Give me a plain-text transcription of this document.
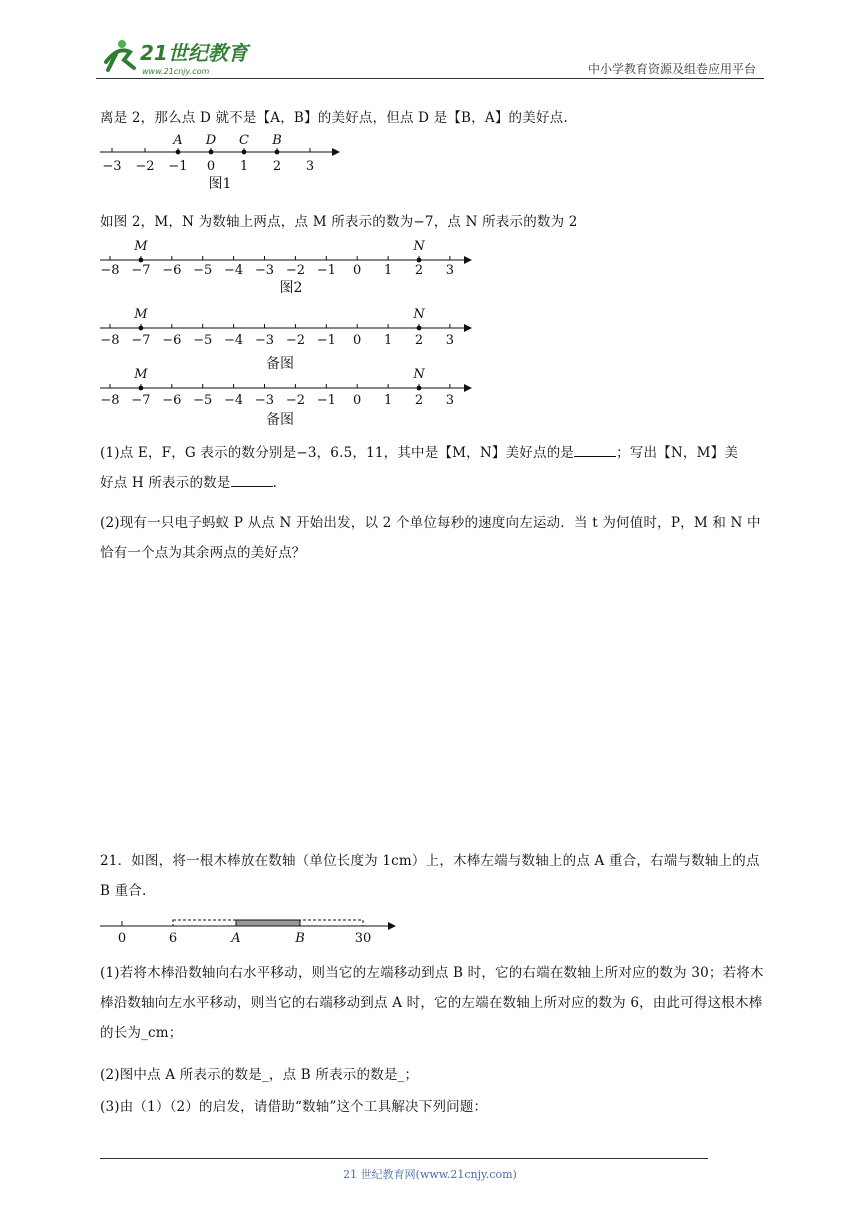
21世纪教育
www.21cnjy.com	中小学教育资源及组卷应用平台
离是 2，那么点 D 就不是【A，B】的美好点，但点 D 是【B，A】的美好点.
−3 −2 −1 0 1 2 3
A D C B
图1
如图 2，M，N 为数轴上两点，点 M 所表示的数为−7，点 N 所表示的数为 2
−8 −7 −6 −5 −4 −3 −2 −1 0 1 2 3
M	N
图2
−8 −7 −6 −5 −4 −3 −2 −1 0 1 2 3
M	N
备图
−8 −7 −6 −5 −4 −3 −2 −1 0 1 2 3
M	N
备图
(1)点 E，F，G 表示的数分别是−3，6.5，11，其中是【M，N】美好点的是	；写出【N，M】美
好点 H 所表示的数是	.
(2)现有一只电子蚂蚁 P 从点 N 开始出发，以 2 个单位每秒的速度向左运动．当 t 为何值时，P，M 和 N 中恰有一个点为其余两点的美好点？
21．如图，将一根木棒放在数轴（单位长度为 1cm）上，木棒左端与数轴上的点 A 重合，右端与数轴上的点 B 重合.
0	6	A	B	30
(1)若将木棒沿数轴向右水平移动，则当它的左端移动到点 B 时，它的右端在数轴上所对应的数为 30；若将木棒沿数轴向左水平移动，则当它的右端移动到点 A 时，它的左端在数轴上所对应的数为 6，由此可得这根木棒的长为_cm；
(2)图中点 A 所表示的数是_，点 B 所表示的数是_；
(3)由（1）（2）的启发，请借助“数轴”这个工具解决下列问题：
21 世纪教育网(www.21cnjy.com)
